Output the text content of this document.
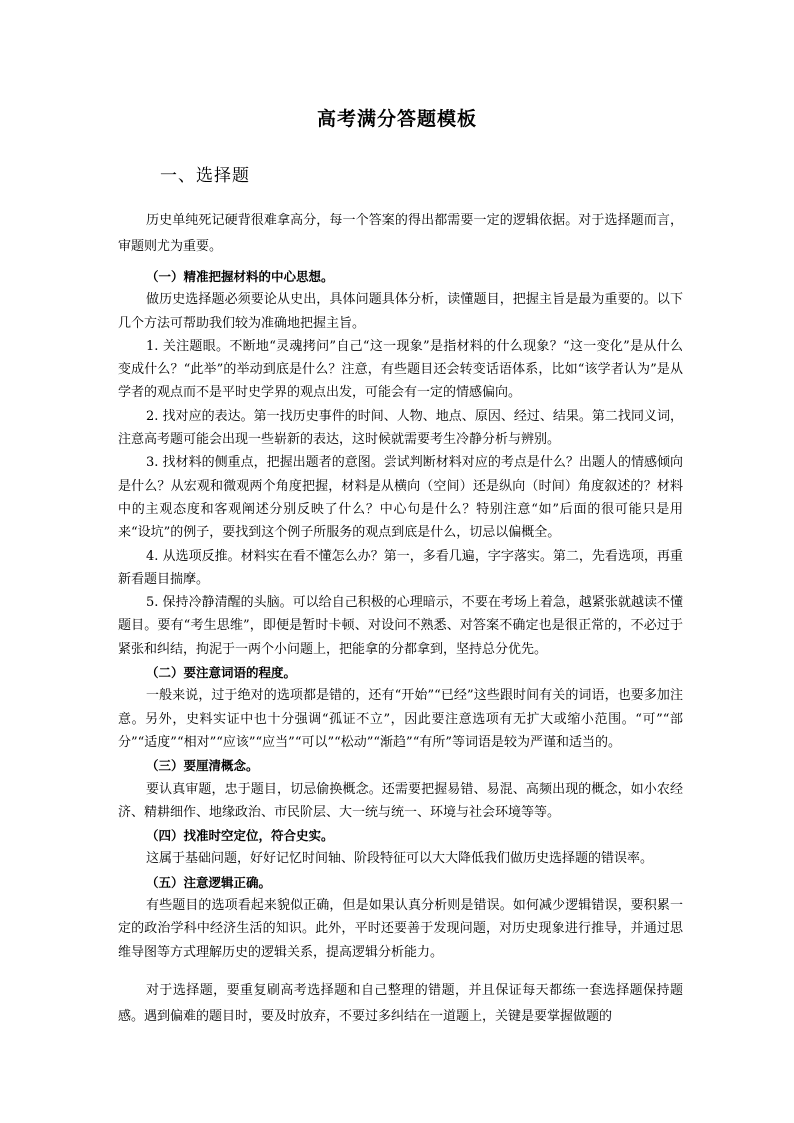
高考满分答题模板
一、选择题

历史单纯死记硬背很难拿高分，每一个答案的得出都需要一定的逻辑依据。对于选择题而言，审题则尤为重要。

（一）精准把握材料的中心思想。

做历史选择题必须要论从史出，具体问题具体分析，读懂题目，把握主旨是最为重要的。以下几个方法可帮助我们较为准确地把握主旨。

1. 关注题眼。不断地“灵魂拷问”自己“这一现象”是指材料的什么现象？“这一变化”是从什么变成什么？“此举”的举动到底是什么？注意，有些题目还会转变话语体系，比如“该学者认为”是从学者的观点而不是平时史学界的观点出发，可能会有一定的情感偏向。

2. 找对应的表达。第一找历史事件的时间、人物、地点、原因、经过、结果。第二找同义词，注意高考题可能会出现一些崭新的表达，这时候就需要考生冷静分析与辨别。

3. 找材料的侧重点，把握出题者的意图。尝试判断材料对应的考点是什么？出题人的情感倾向是什么？从宏观和微观两个角度把握，材料是从横向（空间）还是纵向（时间）角度叙述的？材料中的主观态度和客观阐述分别反映了什么？中心句是什么？特别注意“如”后面的很可能只是用来“设坑”的例子，要找到这个例子所服务的观点到底是什么，切忌以偏概全。

4. 从选项反推。材料实在看不懂怎么办？第一，多看几遍，字字落实。第二，先看选项，再重新看题目揣摩。

5. 保持冷静清醒的头脑。可以给自己积极的心理暗示，不要在考场上着急，越紧张就越读不懂题目。要有“考生思维”，即便是暂时卡顿、对设问不熟悉、对答案不确定也是很正常的，不必过于紧张和纠结，拘泥于一两个小问题上，把能拿的分都拿到，坚持总分优先。

（二）要注意词语的程度。

一般来说，过于绝对的选项都是错的，还有“开始”“已经”这些跟时间有关的词语，也要多加注意。另外，史料实证中也十分强调“孤证不立”，因此要注意选项有无扩大或缩小范围。“可”“部分”“适度”“相对”“应该”“应当”“可以”“松动”“渐趋”“有所”等词语是较为严谨和适当的。

（三）要厘清概念。

要认真审题，忠于题目，切忌偷换概念。还需要把握易错、易混、高频出现的概念，如小农经济、精耕细作、地缘政治、市民阶层、大一统与统一、环境与社会环境等等。

（四）找准时空定位，符合史实。

这属于基础问题，好好记忆时间轴、阶段特征可以大大降低我们做历史选择题的错误率。

（五）注意逻辑正确。

有些题目的选项看起来貌似正确，但是如果认真分析则是错误。如何减少逻辑错误，要积累一定的政治学科中经济生活的知识。此外，平时还要善于发现问题，对历史现象进行推导，并通过思维导图等方式理解历史的逻辑关系，提高逻辑分析能力。

对于选择题，要重复刷高考选择题和自己整理的错题，并且保证每天都练一套选择题保持题感。遇到偏难的题目时，要及时放弃，不要过多纠结在一道题上，关键是要掌握做题的
